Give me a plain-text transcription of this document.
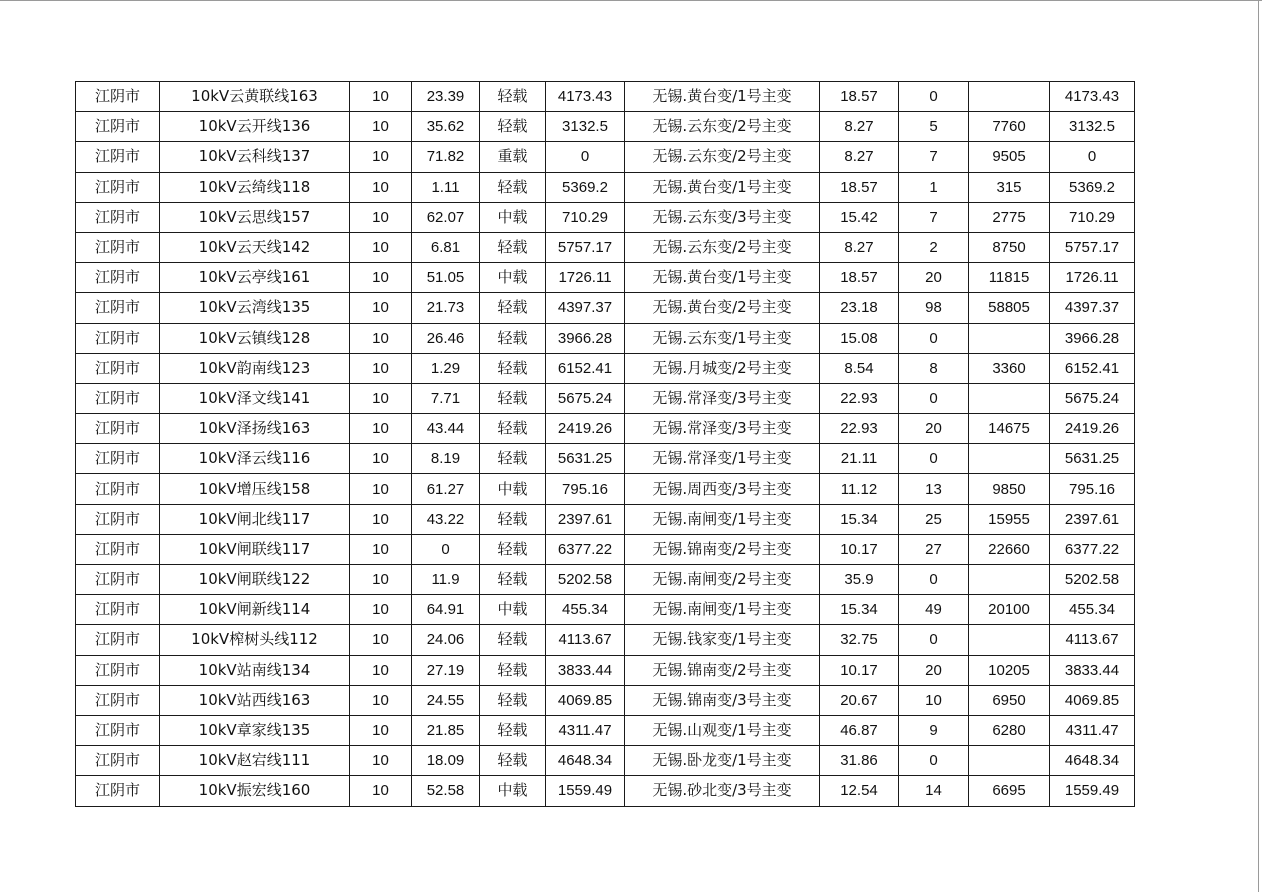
江阴市	10kV云黄联线163	10	23.39	轻载	4173.43	无锡.黄台变/1号主变	18.57	0		4173.43
江阴市	10kV云开线136	10	35.62	轻载	3132.5	无锡.云东变/2号主变	8.27	5	7760	3132.5
江阴市	10kV云科线137	10	71.82	重载	0	无锡.云东变/2号主变	8.27	7	9505	0
江阴市	10kV云绮线118	10	1.11	轻载	5369.2	无锡.黄台变/1号主变	18.57	1	315	5369.2
江阴市	10kV云思线157	10	62.07	中载	710.29	无锡.云东变/3号主变	15.42	7	2775	710.29
江阴市	10kV云天线142	10	6.81	轻载	5757.17	无锡.云东变/2号主变	8.27	2	8750	5757.17
江阴市	10kV云亭线161	10	51.05	中载	1726.11	无锡.黄台变/1号主变	18.57	20	11815	1726.11
江阴市	10kV云湾线135	10	21.73	轻载	4397.37	无锡.黄台变/2号主变	23.18	98	58805	4397.37
江阴市	10kV云镇线128	10	26.46	轻载	3966.28	无锡.云东变/1号主变	15.08	0		3966.28
江阴市	10kV韵南线123	10	1.29	轻载	6152.41	无锡.月城变/2号主变	8.54	8	3360	6152.41
江阴市	10kV泽文线141	10	7.71	轻载	5675.24	无锡.常泽变/3号主变	22.93	0		5675.24
江阴市	10kV泽扬线163	10	43.44	轻载	2419.26	无锡.常泽变/3号主变	22.93	20	14675	2419.26
江阴市	10kV泽云线116	10	8.19	轻载	5631.25	无锡.常泽变/1号主变	21.11	0		5631.25
江阴市	10kV增压线158	10	61.27	中载	795.16	无锡.周西变/3号主变	11.12	13	9850	795.16
江阴市	10kV闸北线117	10	43.22	轻载	2397.61	无锡.南闸变/1号主变	15.34	25	15955	2397.61
江阴市	10kV闸联线117	10	0	轻载	6377.22	无锡.锦南变/2号主变	10.17	27	22660	6377.22
江阴市	10kV闸联线122	10	11.9	轻载	5202.58	无锡.南闸变/2号主变	35.9	0		5202.58
江阴市	10kV闸新线114	10	64.91	中载	455.34	无锡.南闸变/1号主变	15.34	49	20100	455.34
江阴市	10kV榨树头线112	10	24.06	轻载	4113.67	无锡.钱家变/1号主变	32.75	0		4113.67
江阴市	10kV站南线134	10	27.19	轻载	3833.44	无锡.锦南变/2号主变	10.17	20	10205	3833.44
江阴市	10kV站西线163	10	24.55	轻载	4069.85	无锡.锦南变/3号主变	20.67	10	6950	4069.85
江阴市	10kV章家线135	10	21.85	轻载	4311.47	无锡.山观变/1号主变	46.87	9	6280	4311.47
江阴市	10kV赵宕线111	10	18.09	轻载	4648.34	无锡.卧龙变/1号主变	31.86	0		4648.34
江阴市	10kV振宏线160	10	52.58	中载	1559.49	无锡.砂北变/3号主变	12.54	14	6695	1559.49
